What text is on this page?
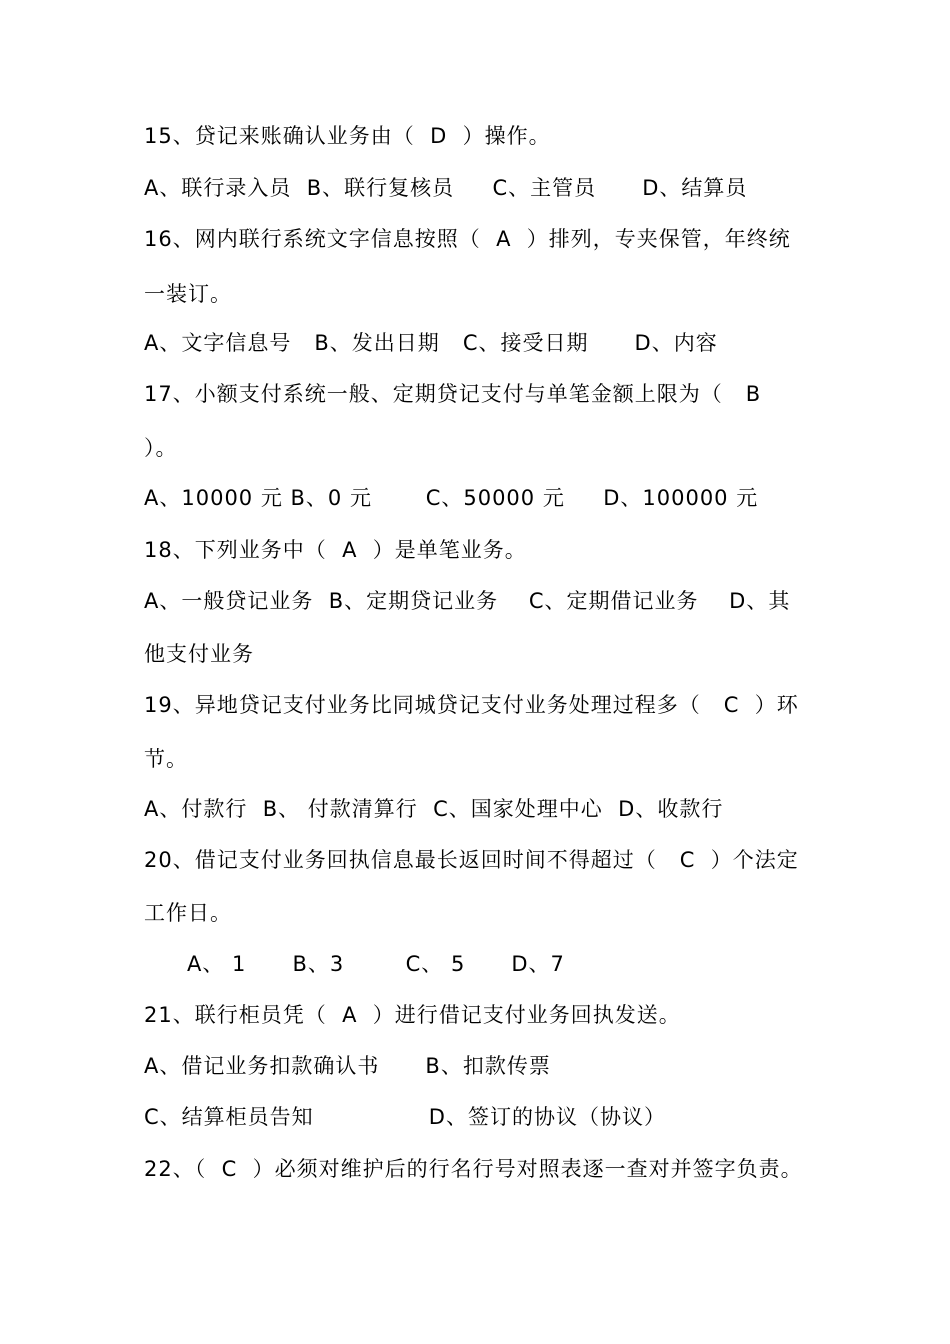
15、贷记来账确认业务由（  D  ）操作。
A、联行录入员  B、联行复核员     C、主管员      D、结算员
16、网内联行系统文字信息按照（  A  ）排列，专夹保管，年终统
一装订。
A、文字信息号   B、发出日期   C、接受日期      D、内容
17、小额支付系统一般、定期贷记支付与单笔金额上限为（   B
）。
A、10000 元 B、0 元       C、50000 元     D、100000 元
18、下列业务中（  A  ）是单笔业务。
A、一般贷记业务  B、定期贷记业务    C、定期借记业务    D、其
他支付业务
19、异地贷记支付业务比同城贷记支付业务处理过程多（   C  ）环
节。
A、付款行  B、 付款清算行  C、国家处理中心  D、收款行
20、借记支付业务回执信息最长返回时间不得超过（   C  ）个法定
工作日。
A、 1      B、3        C、 5      D、7
21、联行柜员凭（  A  ）进行借记支付业务回执发送。
A、借记业务扣款确认书      B、扣款传票
C、结算柜员告知               D、签订的协议（协议）
22、（  C  ）必须对维护后的行名行号对照表逐一查对并签字负责。
